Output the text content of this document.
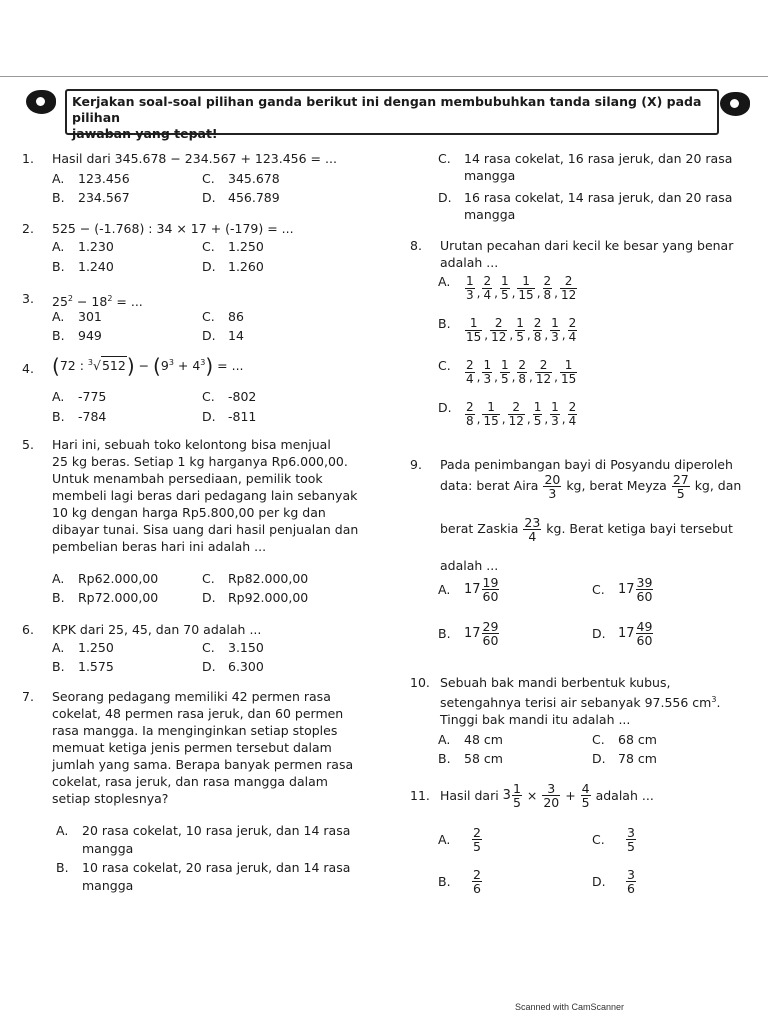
Kerjakan soal-soal pilihan ganda berikut ini dengan membubuhkan tanda silang (X) pada pilihan
jawaban yang tepat!
1. Hasil dari 345.678 − 234.567 + 123.456 = ...
A. 123.456
B. 234.567
C. 345.678
D. 456.789
2. 525 − (-1.768) : 34 × 17 + (-179) = ...
A. 1.230
B. 1.240
C. 1.250
D. 1.260
3. $25^2 - 18^2$ = ...
A. 301
B. 949
C. 86
D. 14
4. (72 : $^3√512) - (9^3 + 4^3)$ = ...
A. -775
B. -784
C. -802
D. -811
5. Hari ini, sebuah toko kelontong bisa menjual
25 kg beras. Setiap 1 kg harganya Rp6.000,00.
Untuk menambah persediaan, pemilik took
membeli lagi beras dari pedagang lain sebanyak
10 kg dengan harga Rp5.800,00 per kg dan
dibayar tunai. Sisa uang dari hasil penjualan dan
pembelian beras hari ini adalah ...
A. Rp62.000,00
B. Rp72.000,00
C. Rp82.000,00
D. Rp92.000,00
6. KPK dari 25, 45, dan 70 adalah ...
A. 1.250
B. 1.575
C. 3.150
D. 6.300
7. Seorang pedagang memiliki 42 permen rasa
cokelat, 48 permen rasa jeruk, dan 60 permen
rasa mangga. Ia menginginkan setiap stoples
memuat ketiga jenis permen tersebut dalam
jumlah yang sama. Berapa banyak permen rasa
cokelat, rasa jeruk, dan rasa mangga dalam
setiap stoplesnya?
A. 20 rasa cokelat, 10 rasa jeruk, dan 14 rasa
mangga
B. 10 rasa cokelat, 20 rasa jeruk, dan 14 rasa
mangga
C. 14 rasa cokelat, 16 rasa jeruk, dan 20 rasa
mangga
D. 16 rasa cokelat, 14 rasa jeruk, dan 20 rasa
mangga
8. Urutan pecahan dari kecil ke besar yang benar
adalah ...
A. 1
3 ,
2
4 ,
1
5 ,
1
15 ,
2
8 ,
2
12
B.	1
15 ,
2
12 ,
1
5 ,
2
8 ,
1
3 ,
2
4
C. 2
4 ,
1
3 ,
1
5 ,
2
8 ,
2
12 ,
1
15
D. 2
8 ,
1
15 ,
2
12 ,
1
5 ,
1
3 ,
2
4
9. Pada penimbangan bayi di Posyandu diperoleh
data: berat Aira $\frac{20}{3}$ kg, berat Meyza $\frac{27}{5}$ kg, dan
berat Zaskia $\frac{23}{4}$ kg. Berat ketiga bayi tersebut
adalah ...
A. $17 \frac{19}{60}$
B. $17 \frac{29}{60}$
C. $17 \frac{39}{60}$
D. $17 \frac{49}{60}$
10. Sebuah bak mandi berbentuk kubus,
setengahnya terisi air sebanyak 97.556 $cm^3$.
Tinggi bak mandi itu adalah ...
A. 48 cm
B. 58 cm
C. 68 cm
D. 78 cm
11. Hasil dari $3 \frac{1}{5} \times \frac{3}{20} + \frac{4}{5}$ adalah ...
A. $\frac{2}{5}$
B. $\frac{2}{6}$
C. $\frac{3}{5}$
D. $\frac{3}{6}$
Scanned with CamScanner
